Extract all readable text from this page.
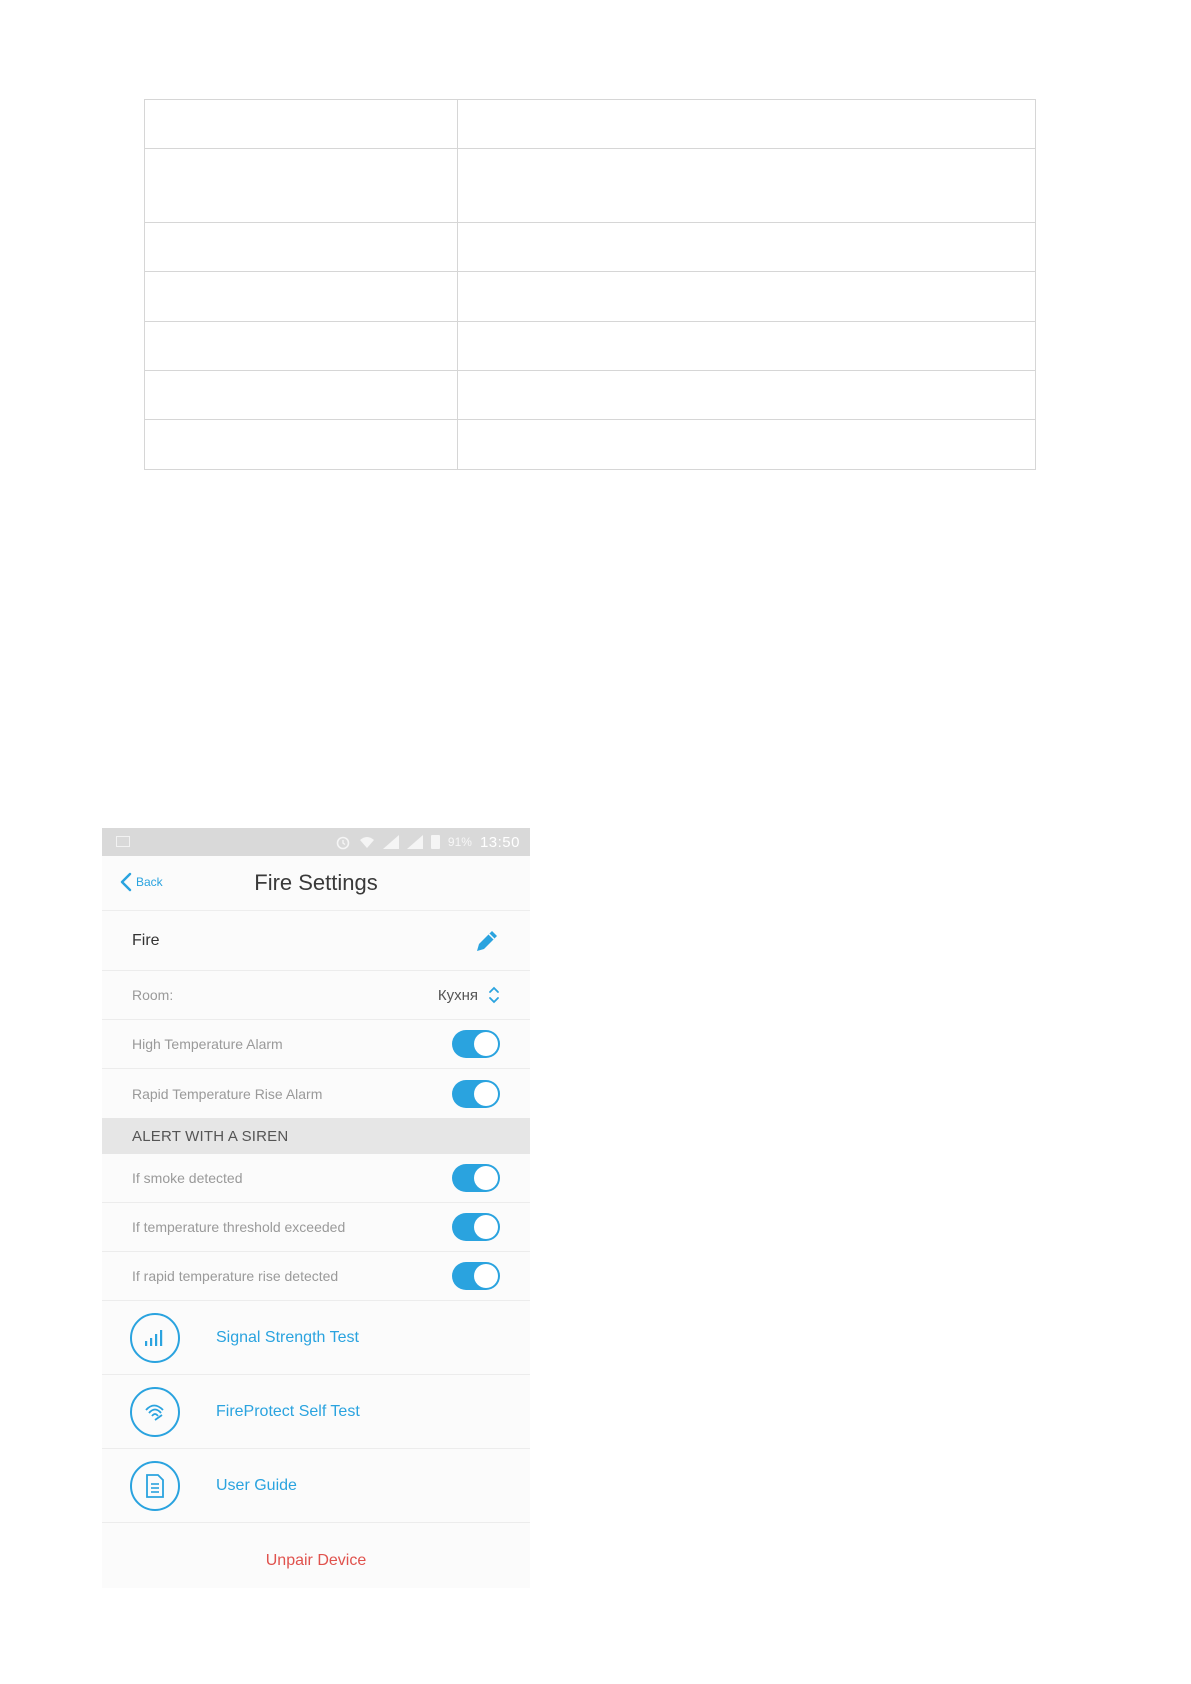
91% 13:50
Back	Fire Settings
Fire
Room:	Кухня
High Temperature Alarm
Rapid Temperature Rise Alarm
ALERT WITH A SIREN
If smoke detected
If temperature threshold exceeded
If rapid temperature rise detected
Signal Strength Test
FireProtect Self Test
User Guide
Unpair Device
